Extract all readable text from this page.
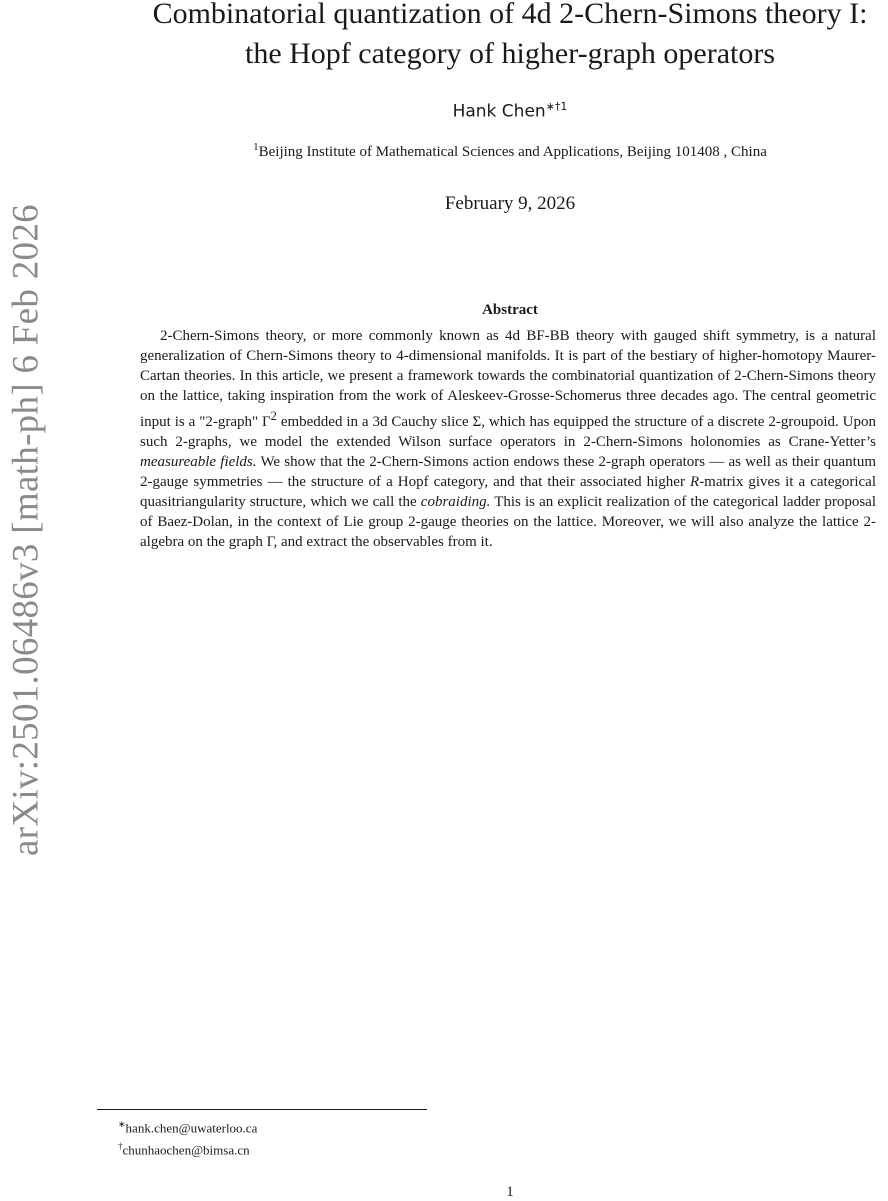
arXiv:2501.06486v3 [math-ph] 6 Feb 2026
Combinatorial quantization of 4d 2-Chern-Simons theory I:
the Hopf category of higher-graph operators
Hank Chen$^{∗\dagger 1}$
$^1$Beijing Institute of Mathematical Sciences and Applications, Beijing 101408 , China
February 9, 2026
Abstract

2-Chern-Simons theory, or more commonly known as 4d BF-BB theory with gauged shift symmetry, is a natural generalization of Chern-Simons theory to 4-dimensional manifolds. It is part of the bestiary of higher-homotopy Maurer-Cartan theories. In this article, we present a framework towards the combinatorial quantization of 2-Chern-Simons theory on the lattice, taking inspiration from the work of Aleskeev-Grosse-Schomerus three decades ago. The central geometric input is a "2-graph" $\Gamma^2$ embedded in a 3d Cauchy slice Σ, which has equipped the structure of a discrete 2-groupoid. Upon such 2-graphs, we model the extended Wilson surface operators in 2-Chern-Simons holonomies as Crane-Yetter’s measureable fields. We show that the 2-Chern-Simons action endows these 2-graph operators — as well as their quantum 2-gauge symmetries — the structure of a Hopf category, and that their associated higher R-matrix gives it a categorical quasitriangularity structure, which we call the cobraiding. This is an explicit realization of the categorical ladder proposal of Baez-Dolan, in the context of Lie group 2-gauge theories on the lattice. Moreover, we will also analyze the lattice 2-algebra on the graph Γ, and extract the observables from it.

∗hank.chen@uwaterloo.ca
†chunhaochen@bimsa.cn
1
